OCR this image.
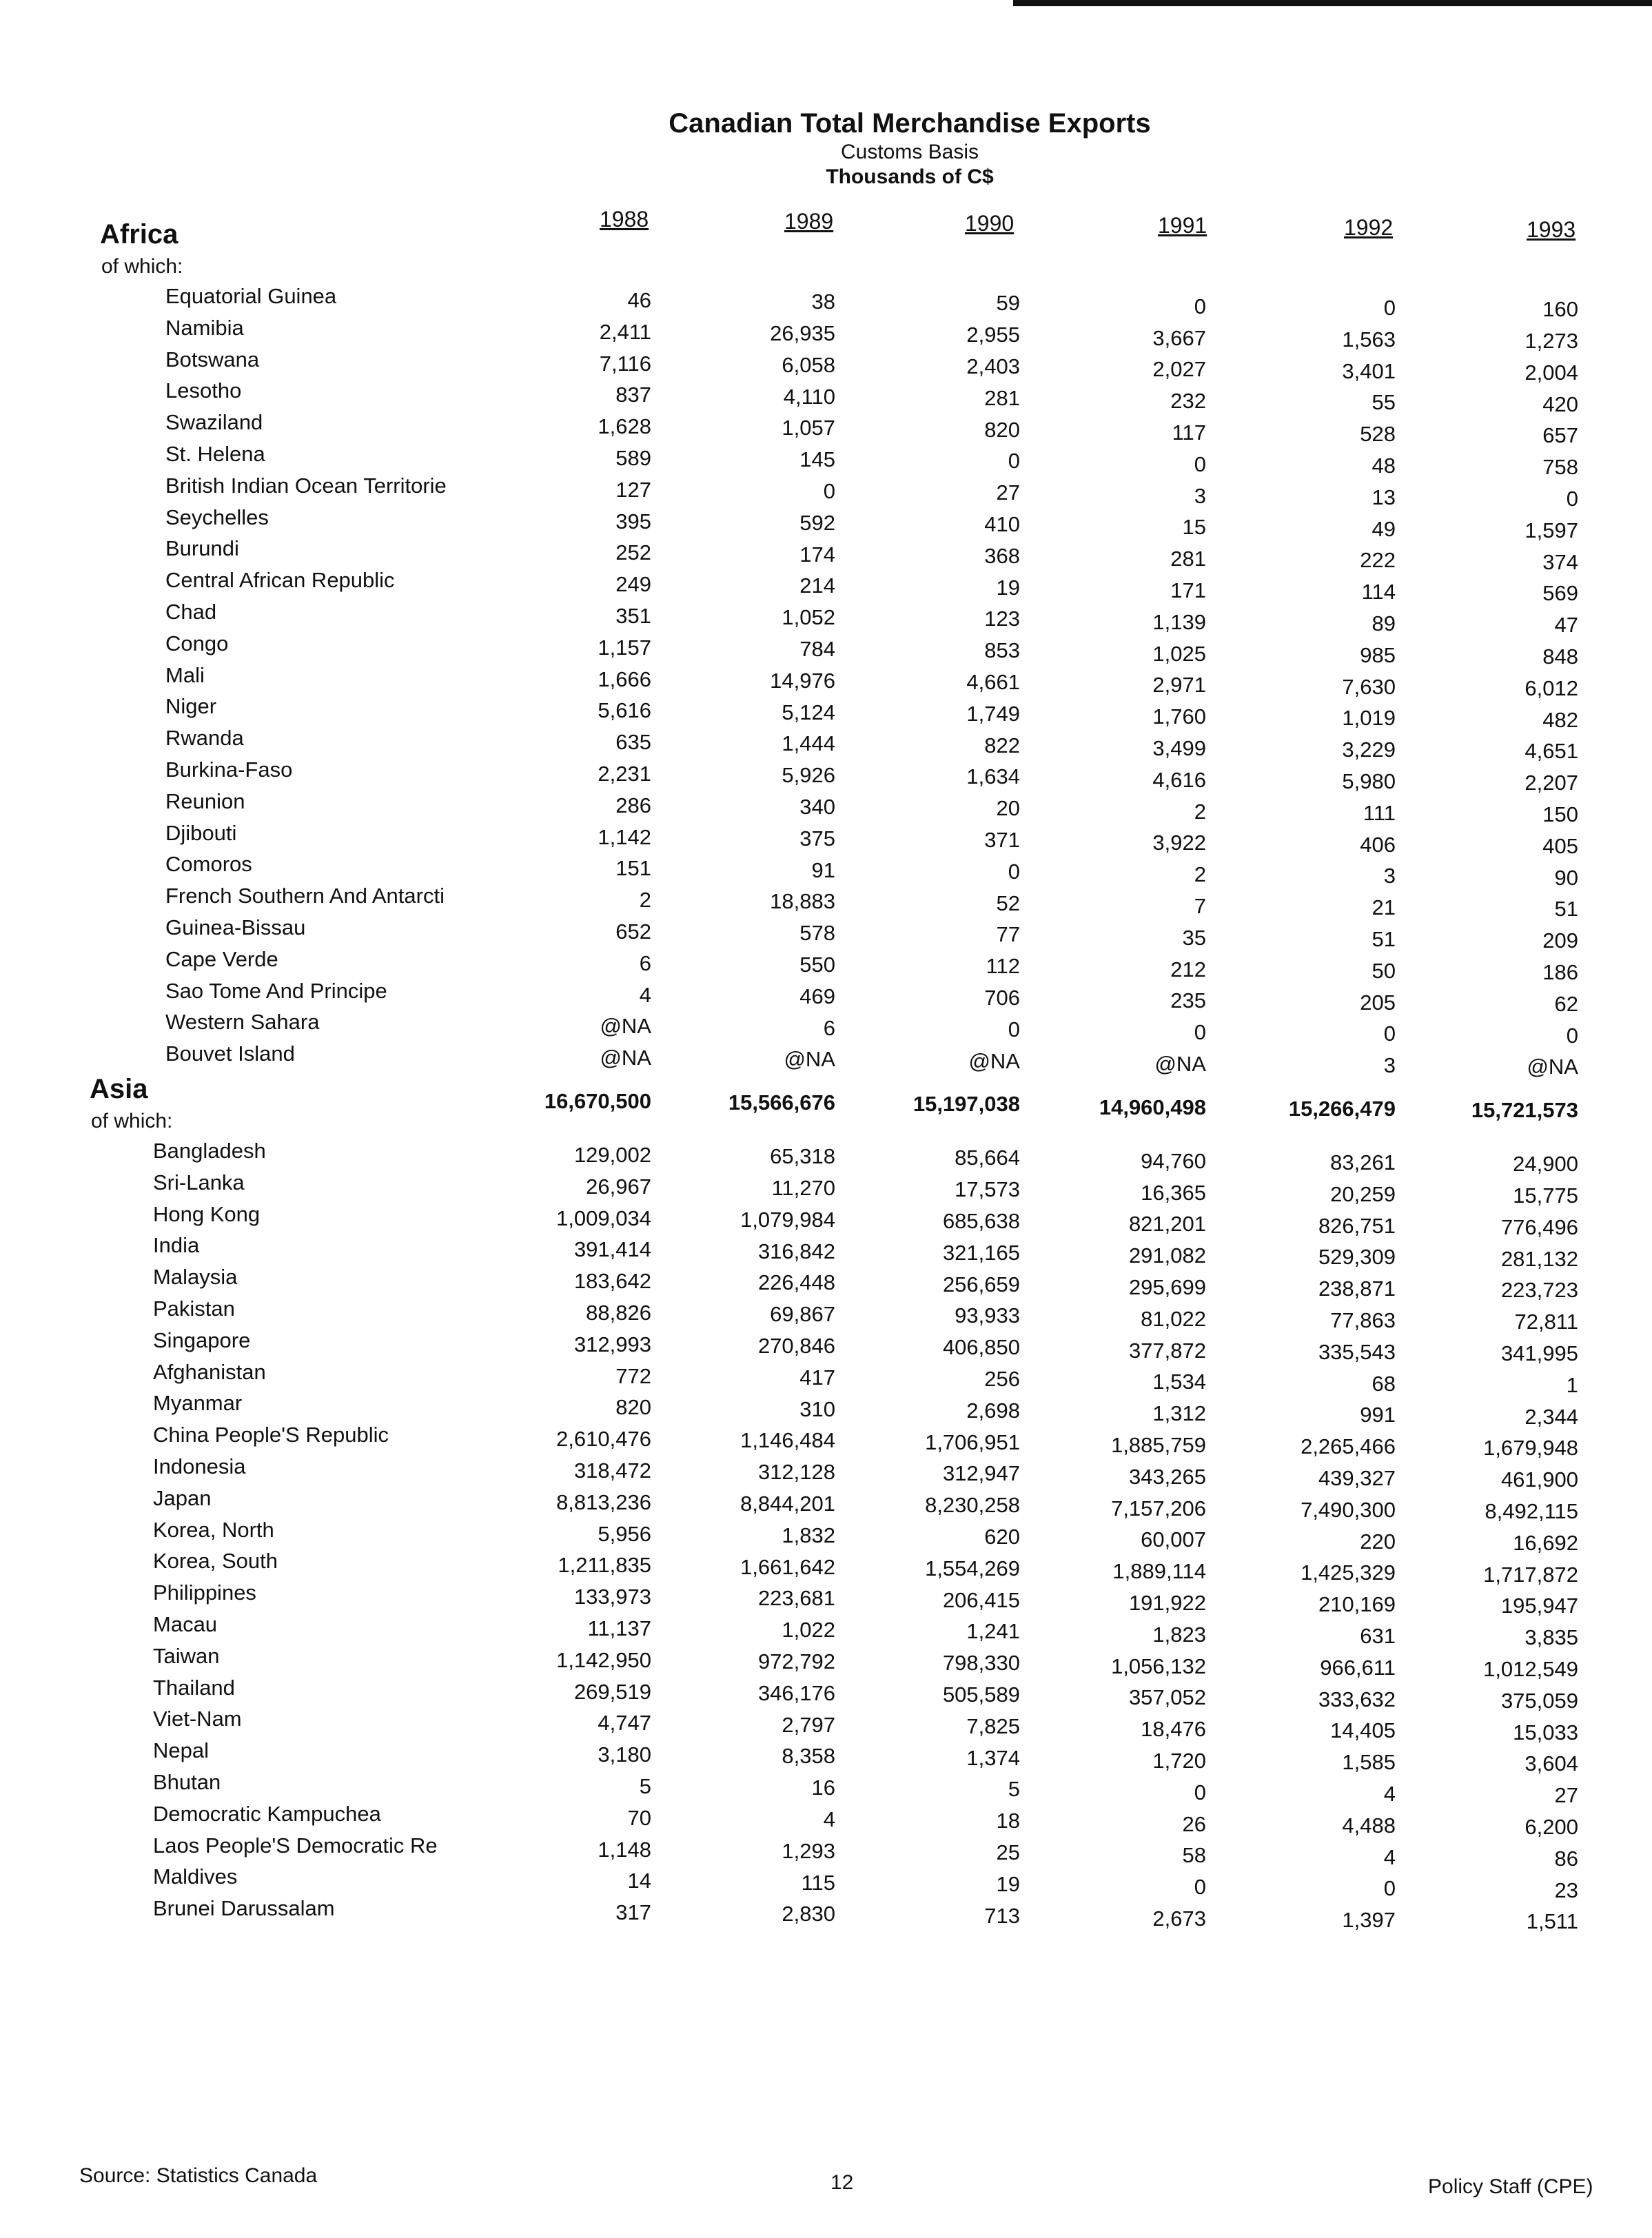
Canadian Total Merchandise Exports
Customs Basis
Thousands of C$
1988	1989	1990	1991	1992	1993
Africa
of which:
Equatorial Guinea	46	38	59	0	0	160
Namibia	2,411	26,935	2,955	3,667	1,563	1,273
Botswana	7,116	6,058	2,403	2,027	3,401	2,004
Lesotho	837	4,110	281	232	55	420
Swaziland	1,628	1,057	820	117	528	657
St. Helena	589	145	0	0	48	758
British Indian Ocean Territorie	127	0	27	3	13	0
Seychelles	395	592	410	15	49	1,597
Burundi	252	174	368	281	222	374
Central African Republic	249	214	19	171	114	569
Chad	351	1,052	123	1,139	89	47
Congo	1,157	784	853	1,025	985	848
Mali	1,666	14,976	4,661	2,971	7,630	6,012
Niger	5,616	5,124	1,749	1,760	1,019	482
Rwanda	635	1,444	822	3,499	3,229	4,651
Burkina-Faso	2,231	5,926	1,634	4,616	5,980	2,207
Reunion	286	340	20	2	111	150
Djibouti	1,142	375	371	3,922	406	405
Comoros	151	91	0	2	3	90
French Southern And Antarcti	2	18,883	52	7	21	51
Guinea-Bissau	652	578	77	35	51	209
Cape Verde	6	550	112	212	50	186
Sao Tome And Principe	4	469	706	235	205	62
Western Sahara	@NA	6	0	0	0	0
Bouvet Island	@NA	@NA	@NA	@NA	3	@NA
Asia
of which:
16,670,500	15,566,676	15,197,038	14,960,498	15,266,479	15,721,573
Bangladesh	129,002	65,318	85,664	94,760	83,261	24,900
Sri-Lanka	26,967	11,270	17,573	16,365	20,259	15,775
Hong Kong	1,009,034	1,079,984	685,638	821,201	826,751	776,496
India	391,414	316,842	321,165	291,082	529,309	281,132
Malaysia	183,642	226,448	256,659	295,699	238,871	223,723
Pakistan	88,826	69,867	93,933	81,022	77,863	72,811
Singapore	312,993	270,846	406,850	377,872	335,543	341,995
Afghanistan	772	417	256	1,534	68	1
Myanmar	820	310	2,698	1,312	991	2,344
China People'S Republic	2,610,476	1,146,484	1,706,951	1,885,759	2,265,466	1,679,948
Indonesia	318,472	312,128	312,947	343,265	439,327	461,900
Japan	8,813,236	8,844,201	8,230,258	7,157,206	7,490,300	8,492,115
Korea, North	5,956	1,832	620	60,007	220	16,692
Korea, South	1,211,835	1,661,642	1,554,269	1,889,114	1,425,329	1,717,872
Philippines	133,973	223,681	206,415	191,922	210,169	195,947
Macau	11,137	1,022	1,241	1,823	631	3,835
Taiwan	1,142,950	972,792	798,330	1,056,132	966,611	1,012,549
Thailand	269,519	346,176	505,589	357,052	333,632	375,059
Viet-Nam	4,747	2,797	7,825	18,476	14,405	15,033
Nepal	3,180	8,358	1,374	1,720	1,585	3,604
Bhutan	5	16	5	0	4	27
Democratic Kampuchea	70	4	18	26	4,488	6,200
Laos People'S Democratic Re	1,148	1,293	25	58	4	86
Maldives	14	115	19	0	0	23
Brunei Darussalam	317	2,830	713	2,673	1,397	1,511
Source: Statistics Canada	12	Policy Staff (CPE)
